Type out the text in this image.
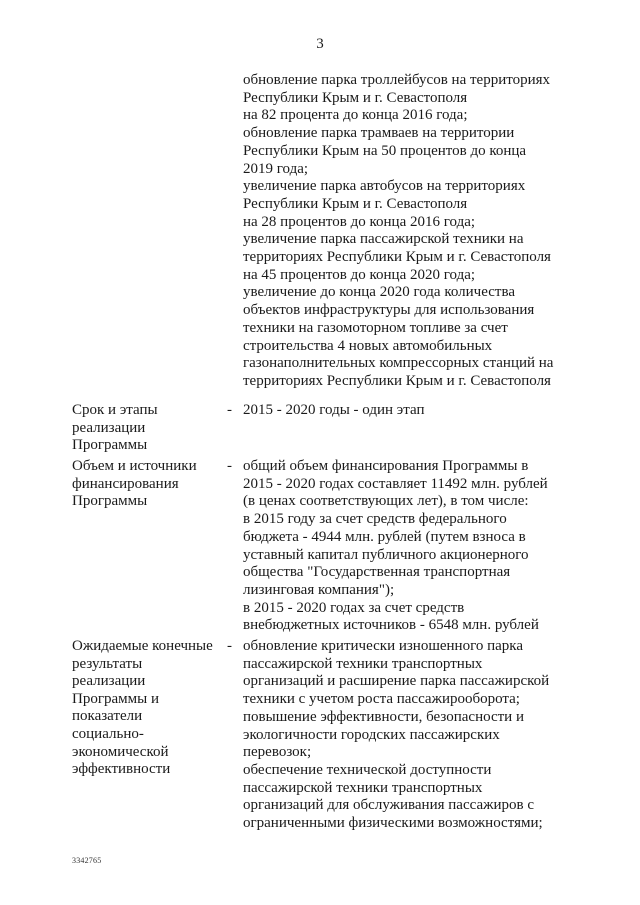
3
обновление парка троллейбусов на территориях
Республики Крым и г. Севастополя
на 82 процента до конца 2016 года;
обновление парка трамваев на территории
Республики Крым на 50 процентов до конца
2019 года;
увеличение парка автобусов на территориях
Республики Крым и г. Севастополя
на 28 процентов до конца 2016 года;
увеличение парка пассажирской техники на
территориях Республики Крым и г. Севастополя
на 45 процентов до конца 2020 года;
увеличение до конца 2020 года количества
объектов инфраструктуры для использования
техники на газомоторном топливе за счет
строительства 4 новых автомобильных
газонаполнительных компрессорных станций на
территориях Республики Крым и г. Севастополя
Срок и этапы
реализации
Программы
- 2015 - 2020 годы - один этап
Объем и источники
финансирования
Программы
- общий объем финансирования Программы в
2015 - 2020 годах составляет 11492 млн. рублей
(в ценах соответствующих лет), в том числе:
в 2015 году за счет средств федерального
бюджета - 4944 млн. рублей (путем взноса в
уставный капитал публичного акционерного
общества "Государственная транспортная
лизинговая компания");
в 2015 - 2020 годах за счет средств
внебюджетных источников - 6548 млн. рублей
Ожидаемые конечные
результаты
реализации
Программы и
показатели
социально-
экономической
эффективности
- обновление критически изношенного парка
пассажирской техники транспортных
организаций и расширение парка пассажирской
техники с учетом роста пассажирооборота;
повышение эффективности, безопасности и
экологичности городских пассажирских
перевозок;
обеспечение технической доступности
пассажирской техники транспортных
организаций для обслуживания пассажиров с
ограниченными физическими возможностями;
3342765
